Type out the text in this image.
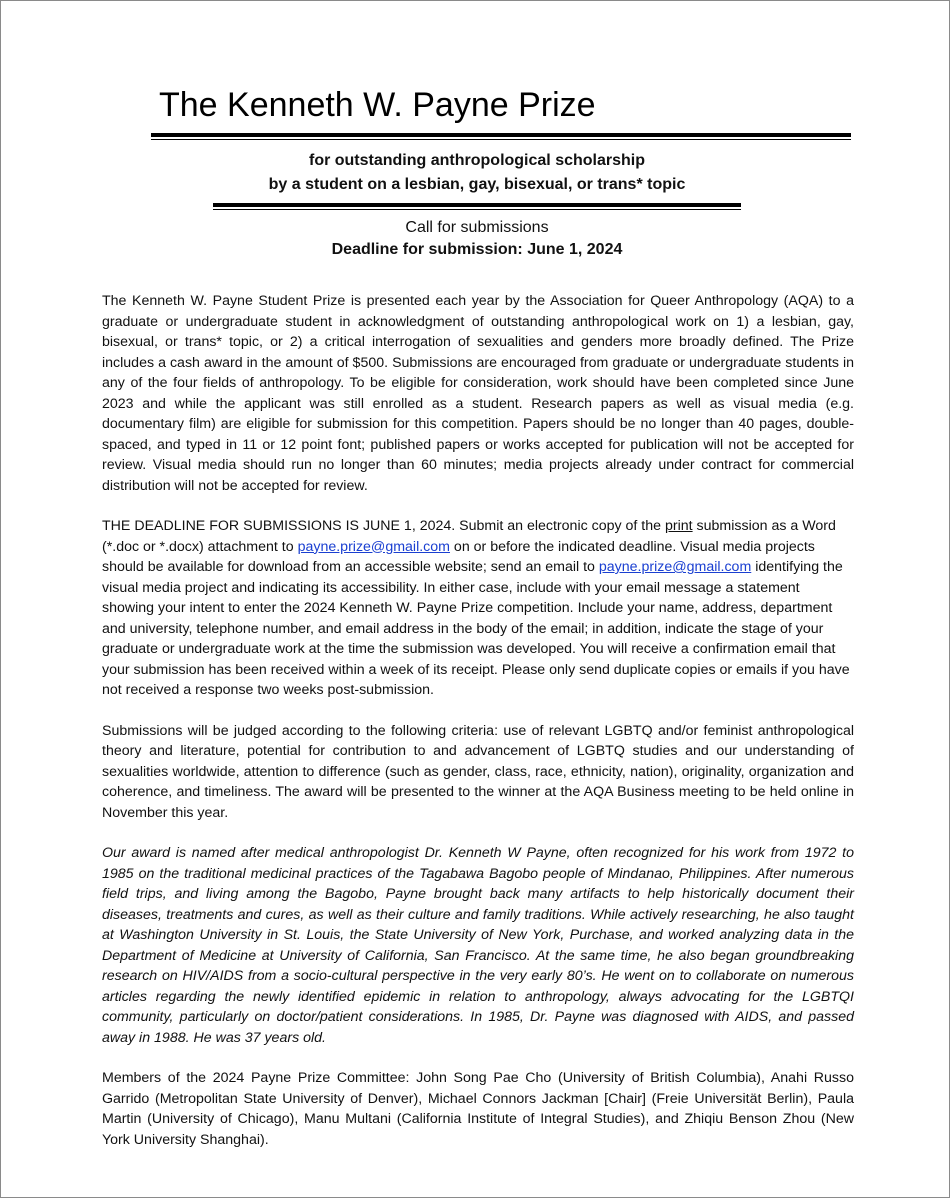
The Kenneth W. Payne Prize
for outstanding anthropological scholarship
by a student on a lesbian, gay, bisexual, or trans* topic
Call for submissions
Deadline for submission: June 1, 2024

The Kenneth W. Payne Student Prize is presented each year by the Association for Queer Anthropology (AQA) to a graduate or undergraduate student in acknowledgment of outstanding anthropological work on 1) a lesbian, gay, bisexual, or trans* topic, or 2) a critical interrogation of sexualities and genders more broadly defined. The Prize includes a cash award in the amount of $500. Submissions are encouraged from graduate or undergraduate students in any of the four fields of anthropology. To be eligible for consideration, work should have been completed since June 2023 and while the applicant was still enrolled as a student. Research papers as well as visual media (e.g. documentary film) are eligible for submission for this competition. Papers should be no longer than 40 pages, double-spaced, and typed in 11 or 12 point font; published papers or works accepted for publication will not be accepted for review. Visual media should run no longer than 60 minutes; media projects already under contract for commercial distribution will not be accepted for review.

THE DEADLINE FOR SUBMISSIONS IS JUNE 1, 2024. Submit an electronic copy of the print submission as a Word (*.doc or *.docx) attachment to payne.prize@gmail.com on or before the indicated deadline. Visual media projects should be available for download from an accessible website; send an email to payne.prize@gmail.com identifying the visual media project and indicating its accessibility. In either case, include with your email message a statement showing your intent to enter the 2024 Kenneth W. Payne Prize competition. Include your name, address, department and university, telephone number, and email address in the body of the email; in addition, indicate the stage of your graduate or undergraduate work at the time the submission was developed. You will receive a confirmation email that your submission has been received within a week of its receipt. Please only send duplicate copies or emails if you have not received a response two weeks post-submission.

Submissions will be judged according to the following criteria: use of relevant LGBTQ and/or feminist anthropological theory and literature, potential for contribution to and advancement of LGBTQ studies and our understanding of sexualities worldwide, attention to difference (such as gender, class, race, ethnicity, nation), originality, organization and coherence, and timeliness. The award will be presented to the winner at the AQA Business meeting to be held online in November this year.

Our award is named after medical anthropologist Dr. Kenneth W Payne, often recognized for his work from 1972 to 1985 on the traditional medicinal practices of the Tagabawa Bagobo people of Mindanao, Philippines. After numerous field trips, and living among the Bagobo, Payne brought back many artifacts to help historically document their diseases, treatments and cures, as well as their culture and family traditions. While actively researching, he also taught at Washington University in St. Louis, the State University of New York, Purchase, and worked analyzing data in the Department of Medicine at University of California, San Francisco. At the same time, he also began groundbreaking research on HIV/AIDS from a socio-cultural perspective in the very early 80’s. He went on to collaborate on numerous articles regarding the newly identified epidemic in relation to anthropology, always advocating for the LGBTQI community, particularly on doctor/patient considerations. In 1985, Dr. Payne was diagnosed with AIDS, and passed away in 1988. He was 37 years old.

Members of the 2024 Payne Prize Committee: John Song Pae Cho (University of British Columbia), Anahi Russo Garrido (Metropolitan State University of Denver), Michael Connors Jackman [Chair] (Freie Universität Berlin), Paula Martin (University of Chicago), Manu Multani (California Institute of Integral Studies), and Zhiqiu Benson Zhou (New York University Shanghai).
